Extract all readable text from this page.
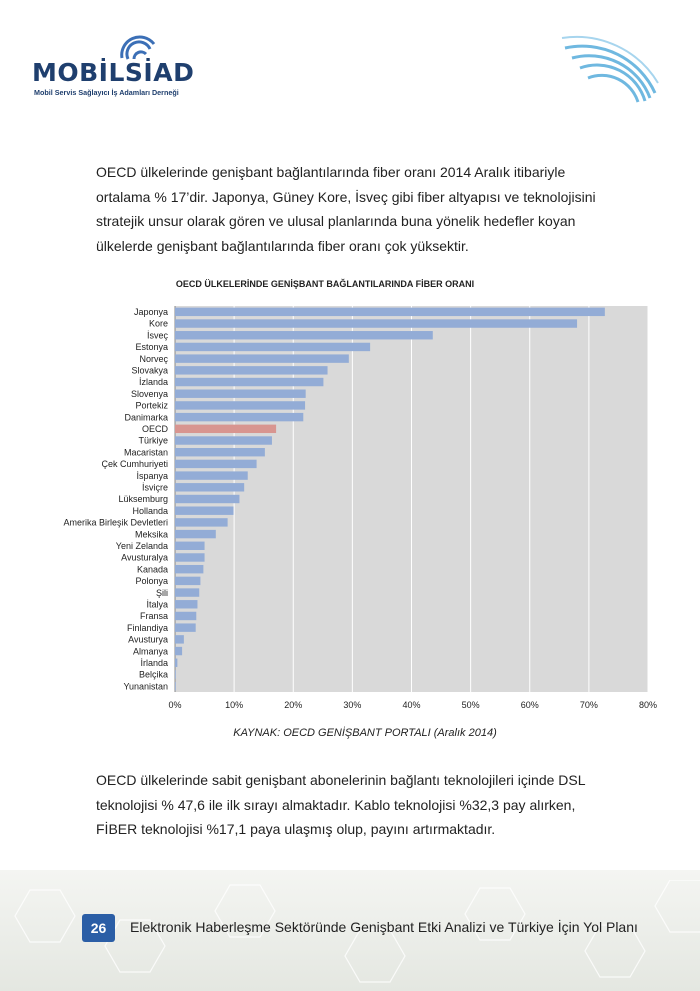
MOBİLSİAD
Mobil Servis Sağlayıcı İş Adamları Derneği
OECD ülkelerinde genişbant bağlantılarında fiber oranı 2014 Aralık itibariyle ortalama % 17’dir. Japonya, Güney Kore, İsveç gibi fiber altyapısı ve teknolojisini stratejik unsur olarak gören ve ulusal planlarında buna yönelik hedefler koyan ülkelerde genişbant bağlantılarında fiber oranı çok yüksektir.
OECD ÜLKELERİNDE GENİŞBANT BAĞLANTILARINDA FİBER ORANI
0%	10%	20%	30%	40%	50%	60%	70%	80%
Japonya
Kore
İsveç
Estonya
Norveç
Slovakya
İzlanda
Slovenya
Portekiz
Danimarka
OECD
Türkiye
Macaristan
Çek Cumhuriyeti
İspanya
İsviçre
Lüksemburg
Hollanda
Amerika Birleşik Devletleri
Meksika
Yeni Zelanda
Avusturalya
Kanada
Polonya
Şili
İtalya
Fransa
Finlandiya
Avusturya
Almanya
İrlanda
Belçika
Yunanistan
KAYNAK: OECD GENİŞBANT PORTALI (Aralık 2014)
OECD ülkelerinde sabit genişbant abonelerinin bağlantı teknolojileri içinde DSL teknolojisi % 47,6 ile ilk sırayı almaktadır. Kablo teknolojisi %32,3 pay alırken, FİBER teknolojisi %17,1 paya ulaşmış olup, payını artırmaktadır.
26	Elektronik Haberleşme Sektöründe Genişbant Etki Analizi ve Türkiye İçin Yol Planı
